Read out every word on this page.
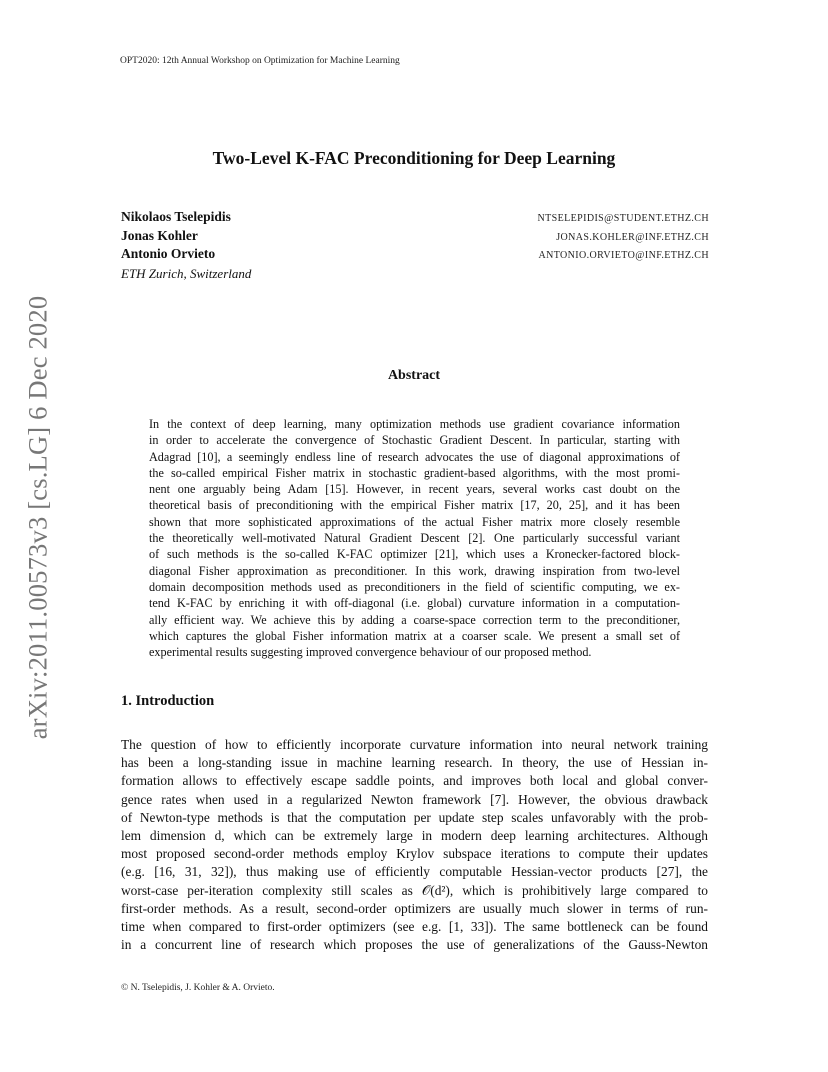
OPT2020: 12th Annual Workshop on Optimization for Machine Learning
Two-Level K-FAC Preconditioning for Deep Learning
Nikolaos Tselepidis	NTSELEPIDIS@STUDENT.ETHZ.CH
Jonas Kohler	JONAS.KOHLER@INF.ETHZ.CH
Antonio Orvieto	ANTONIO.ORVIETO@INF.ETHZ.CH
ETH Zurich, Switzerland
arXiv:2011.00573v3 [cs.LG] 6 Dec 2020	Abstract
In the context of deep learning, many optimization methods use gradient covariance information
in order to accelerate the convergence of Stochastic Gradient Descent. In particular, starting with
Adagrad [10], a seemingly endless line of research advocates the use of diagonal approximations of
the so-called empirical Fisher matrix in stochastic gradient-based algorithms, with the most promi-
nent one arguably being Adam [15]. However, in recent years, several works cast doubt on the
theoretical basis of preconditioning with the empirical Fisher matrix [17, 20, 25], and it has been
shown that more sophisticated approximations of the actual Fisher matrix more closely resemble
the theoretically well-motivated Natural Gradient Descent [2]. One particularly successful variant
of such methods is the so-called K-FAC optimizer [21], which uses a Kronecker-factored block-
diagonal Fisher approximation as preconditioner. In this work, drawing inspiration from two-level
domain decomposition methods used as preconditioners in the field of scientific computing, we ex-
tend K-FAC by enriching it with off-diagonal (i.e. global) curvature information in a computation-
ally efficient way. We achieve this by adding a coarse-space correction term to the preconditioner,
which captures the global Fisher information matrix at a coarser scale. We present a small set of
experimental results suggesting improved convergence behaviour of our proposed method.
1. Introduction
The question of how to efficiently incorporate curvature information into neural network training
has been a long-standing issue in machine learning research. In theory, the use of Hessian in-
formation allows to effectively escape saddle points, and improves both local and global conver-
gence rates when used in a regularized Newton framework [7]. However, the obvious drawback
of Newton-type methods is that the computation per update step scales unfavorably with the prob-
lem dimension d, which can be extremely large in modern deep learning architectures. Although
most proposed second-order methods employ Krylov subspace iterations to compute their updates
(e.g. [16, 31, 32]), thus making use of efficiently computable Hessian-vector products [27], the
worst-case per-iteration complexity still scales as 𝒪(d²), which is prohibitively large compared to
first-order methods. As a result, second-order optimizers are usually much slower in terms of run-
time when compared to first-order optimizers (see e.g. [1, 33]). The same bottleneck can be found
in a concurrent line of research which proposes the use of generalizations of the Gauss-Newton
© N. Tselepidis, J. Kohler & A. Orvieto.
